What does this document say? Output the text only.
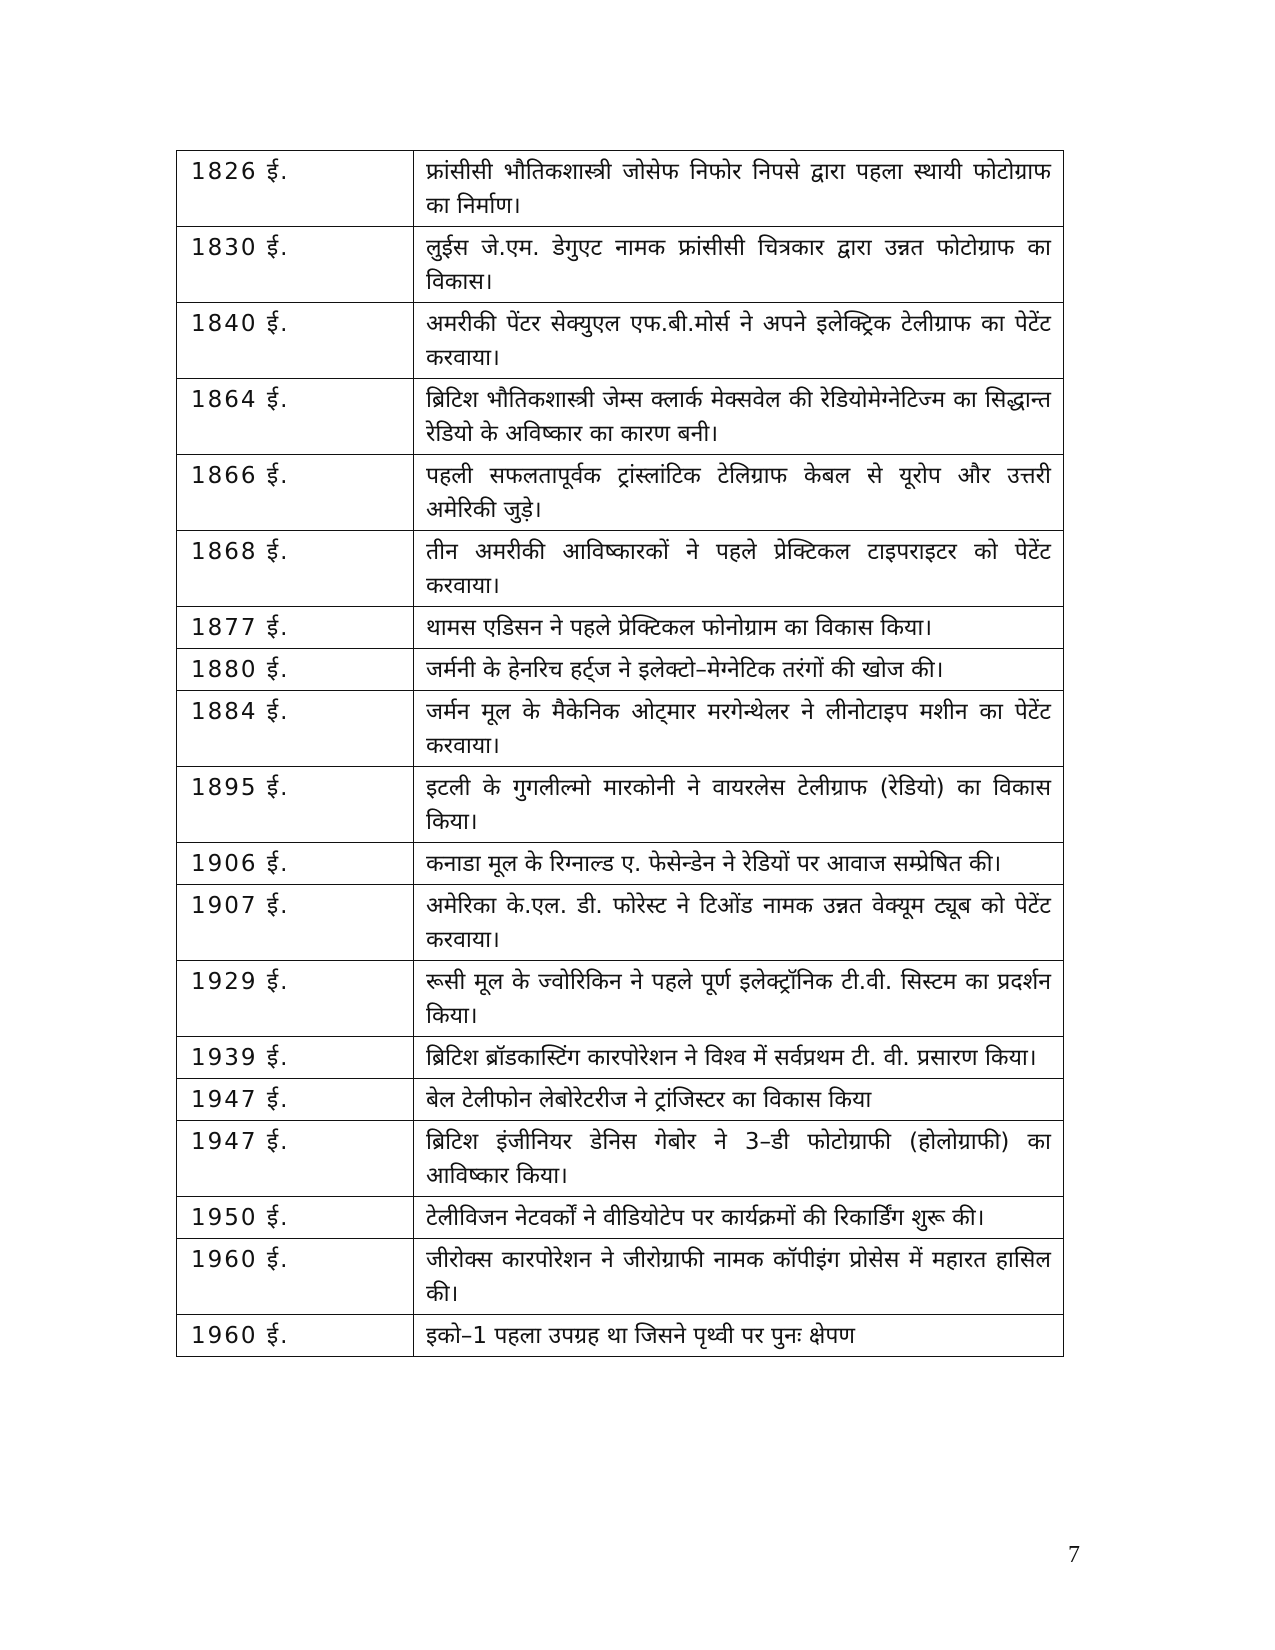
1826 ई.	फ्रांसीसी भौतिकशास्त्री जोसेफ निफोर निपसे द्वारा पहला स्थायी फोटोग्राफ का निर्माण।
1830 ई.	लुईस जे.एम. डेगुएट नामक फ्रांसीसी चित्रकार द्वारा उन्नत फोटोग्राफ का विकास।
1840 ई.	अमरीकी पेंटर सेक्युएल एफ.बी.मोर्स ने अपने इलेक्ट्रिक टेलीग्राफ का पेटेंट करवाया।
1864 ई.	ब्रिटिश भौतिकशास्त्री जेम्स क्लार्क मेक्सवेल की रेडियोमेग्नेटिज्म का सिद्धान्त रेडियो के अविष्कार का कारण बनी।
1866 ई.	पहली सफलतापूर्वक ट्रांस्लांटिक टेलिग्राफ केबल से यूरोप और उत्तरी अमेरिकी जुड़े।
1868 ई.	तीन अमरीकी आविष्कारकों ने पहले प्रेक्टिकल टाइपराइटर को पेटेंट करवाया।
1877 ई.	थामस एडिसन ने पहले प्रेक्टिकल फोनोग्राम का विकास किया।
1880 ई.	जर्मनी के हेनरिच हर्ट्ज ने इलेक्टो–मेग्नेटिक तरंगों की खोज की।
1884 ई.	जर्मन मूल के मैकेनिक ओट्मार मरगेन्थेलर ने लीनोटाइप मशीन का पेटेंट करवाया।
1895 ई.	इटली के गुगलील्मो मारकोनी ने वायरलेस टेलीग्राफ (रेडियो) का विकास किया।
1906 ई.	कनाडा मूल के रिग्नाल्ड ए. फेसेन्डेन ने रेडियों पर आवाज सम्प्रेषित की।
1907 ई.	अमेरिका के.एल. डी. फोरेस्ट ने टिओंड नामक उन्नत वेक्यूम ट्यूब को पेटेंट करवाया।
1929 ई.	रूसी मूल के ज्वोरिकिन ने पहले पूर्ण इलेक्ट्रॉनिक टी.वी. सिस्टम का प्रदर्शन किया।
1939 ई.	ब्रिटिश ब्रॉडकास्टिंग कारपोरेशन ने विश्व में सर्वप्रथम टी. वी. प्रसारण किया।
1947 ई.	बेल टेलीफोन लेबोरेटरीज ने ट्रांजिस्टर का विकास किया
1947 ई.	ब्रिटिश इंजीनियर डेनिस गेबोर ने 3–डी फोटोग्राफी (होलोग्राफी) का आविष्कार किया।
1950 ई.	टेलीविजन नेटवर्कों ने वीडियोटेप पर कार्यक्रमों की रिकार्डिंग शुरू की।
1960 ई.	जीरोक्स कारपोरेशन ने जीरोग्राफी नामक कॉपीइंग प्रोसेस में महारत हासिल की।
1960 ई.	इको–1 पहला उपग्रह था जिसने पृथ्वी पर पुनः क्षेपण
7
